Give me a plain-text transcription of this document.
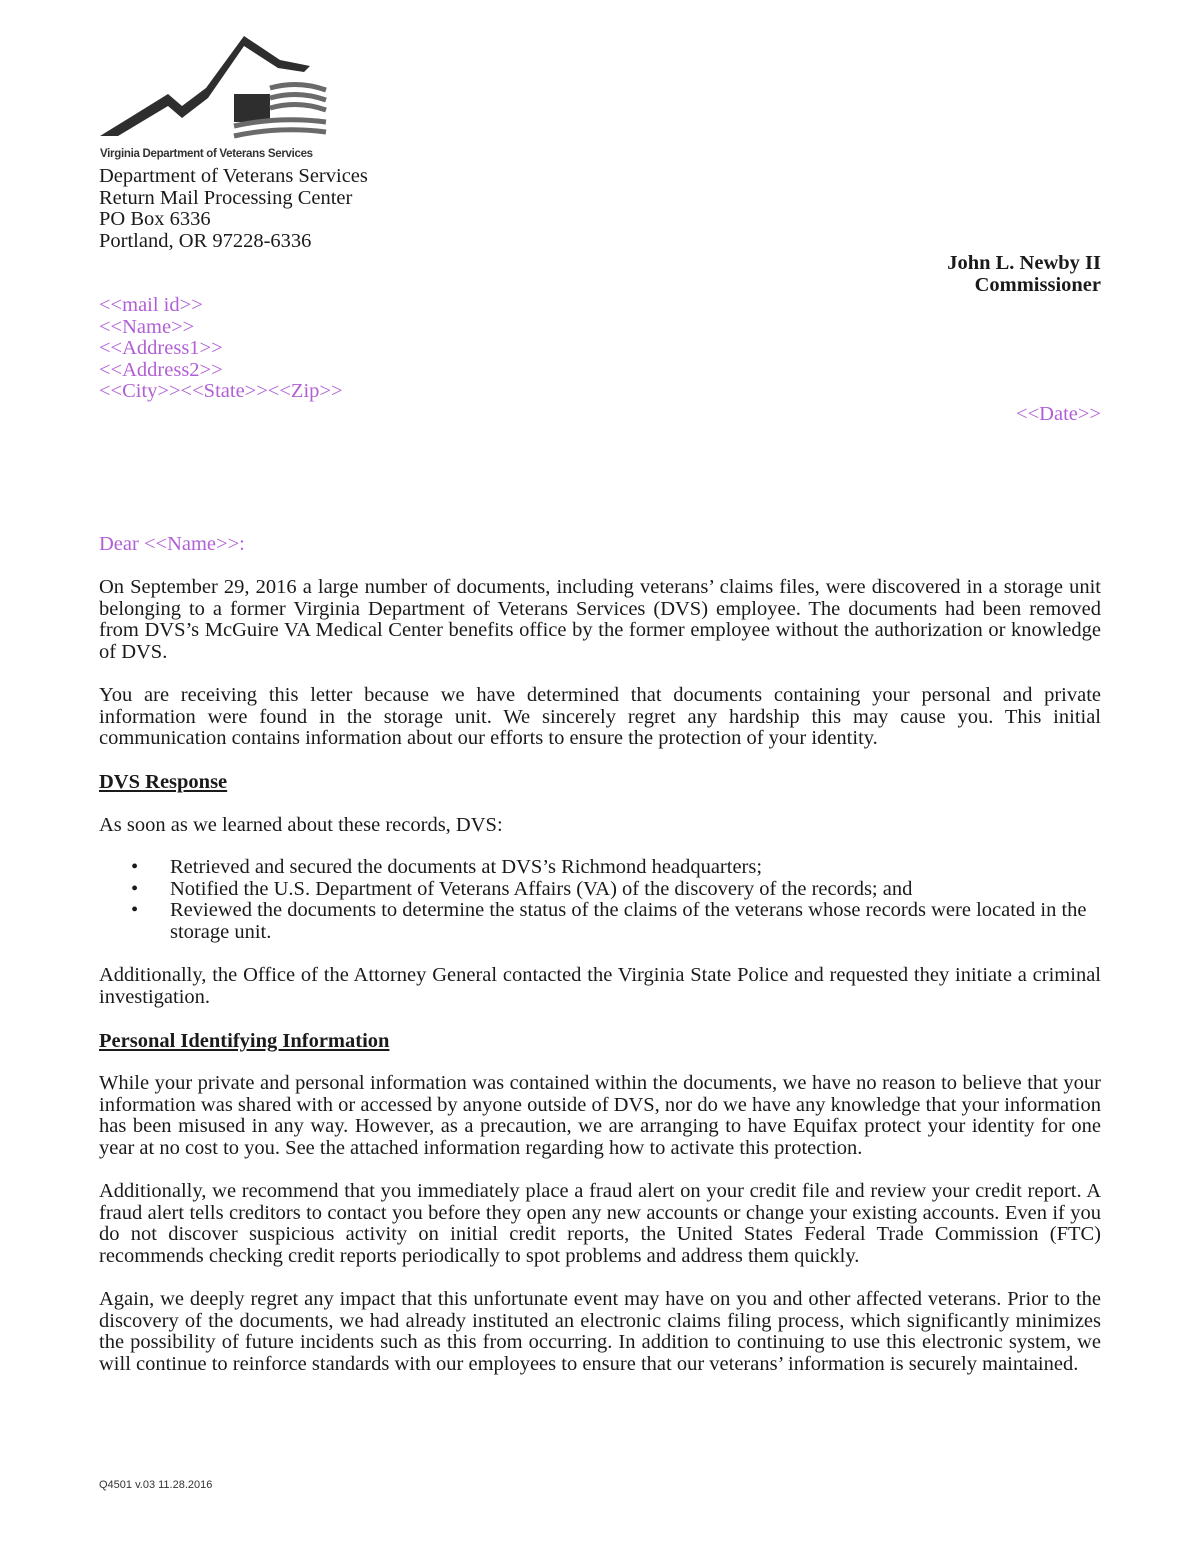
Virginia Department of Veterans Services
Department of Veterans Services
Return Mail Processing Center
PO Box 6336
Portland, OR 97228-6336
John L. Newby II
Commissioner
<<mail id>>
<<Name>>
<<Address1>>
<<Address2>>
<<City>><<State>><<Zip>>
<<Date>>
Dear <<Name>>:
On September 29, 2016 a large number of documents, including veterans’ claims files, were discovered in a storage unit belonging to a former Virginia Department of Veterans Services (DVS) employee. The documents had been removed from DVS’s McGuire VA Medical Center benefits office by the former employee without the authorization or knowledge of DVS.
You are receiving this letter because we have determined that documents containing your personal and private information were found in the storage unit. We sincerely regret any hardship this may cause you. This initial communication contains information about our efforts to ensure the protection of your identity.
DVS Response
As soon as we learned about these records, DVS:
• Retrieved and secured the documents at DVS’s Richmond headquarters;
• Notified the U.S. Department of Veterans Affairs (VA) of the discovery of the records; and
• Reviewed the documents to determine the status of the claims of the veterans whose records were located in the storage unit.
Additionally, the Office of the Attorney General contacted the Virginia State Police and requested they initiate a criminal investigation.
Personal Identifying Information
While your private and personal information was contained within the documents, we have no reason to believe that your information was shared with or accessed by anyone outside of DVS, nor do we have any knowledge that your information has been misused in any way. However, as a precaution, we are arranging to have Equifax protect your identity for one year at no cost to you. See the attached information regarding how to activate this protection.
Additionally, we recommend that you immediately place a fraud alert on your credit file and review your credit report. A fraud alert tells creditors to contact you before they open any new accounts or change your existing accounts. Even if you do not discover suspicious activity on initial credit reports, the United States Federal Trade Commission (FTC) recommends checking credit reports periodically to spot problems and address them quickly.
Again, we deeply regret any impact that this unfortunate event may have on you and other affected veterans. Prior to the discovery of the documents, we had already instituted an electronic claims filing process, which significantly minimizes the possibility of future incidents such as this from occurring. In addition to continuing to use this electronic system, we will continue to reinforce standards with our employees to ensure that our veterans’ information is securely maintained.
Q4501 v.03 11.28.2016
